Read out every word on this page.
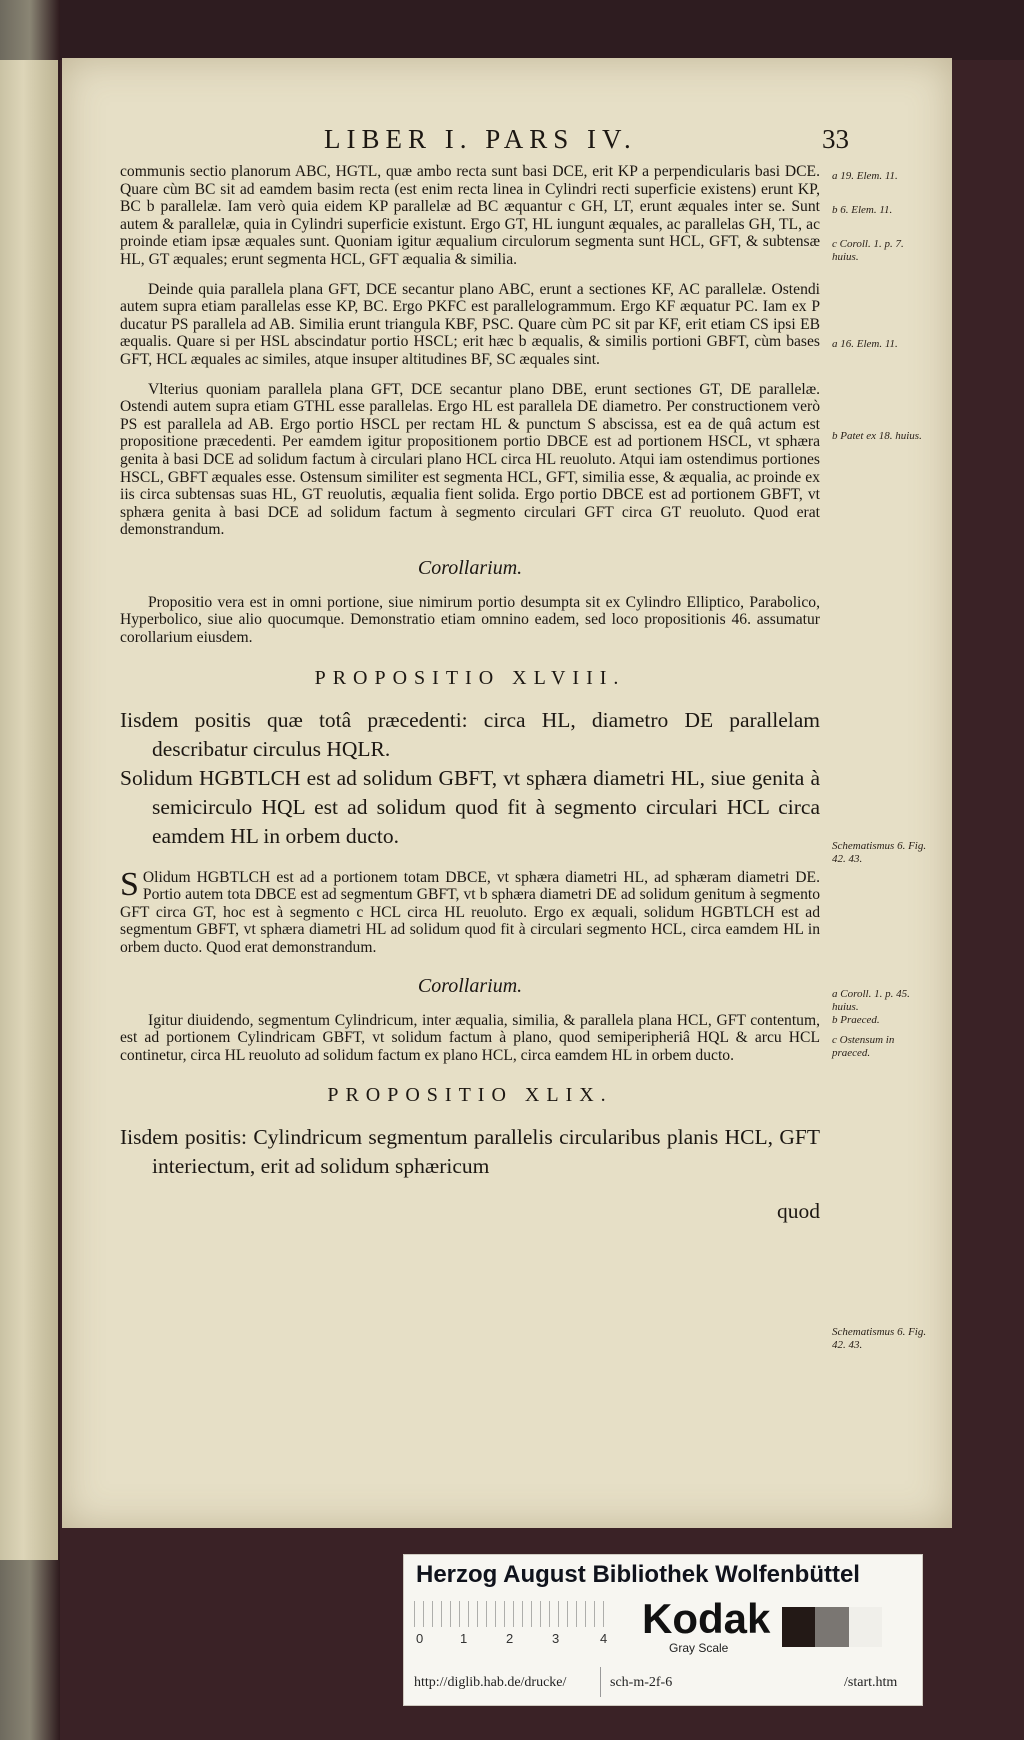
LIBER I. PARS IV.	33

communis sectio planorum ABC, HGTL, quæ ambo recta sunt basi DCE, erit KP a perpendicularis basi DCE. Quare cùm BC sit ad eamdem basim recta (est enim recta linea in Cylindri recti superficie existens) erunt KP, BC b parallelæ. Iam verò quia eidem KP parallelæ ad BC æquantur c GH, LT, erunt æquales inter se. Sunt autem & parallelæ, quia in Cylindri superficie existunt. Ergo GT, HL iungunt æquales, ac parallelas GH, TL, ac proinde etiam ipsæ æquales sunt. Quoniam igitur æqualium circulorum segmenta sunt HCL, GFT, & subtensæ HL, GT æquales; erunt segmenta HCL, GFT æqualia & similia.

Deinde quia parallela plana GFT, DCE secantur plano ABC, erunt a sectiones KF, AC parallelæ. Ostendi autem supra etiam parallelas esse KP, BC. Ergo PKFC est parallelogrammum. Ergo KF æquatur PC. Iam ex P ducatur PS parallela ad AB. Similia erunt triangula KBF, PSC. Quare cùm PC sit par KF, erit etiam CS ipsi EB æqualis. Quare si per HSL abscindatur portio HSCL; erit hæc b æqualis, & similis portioni GBFT, cùm bases GFT, HCL æquales ac similes, atque insuper altitudines BF, SC æquales sint.

Vlterius quoniam parallela plana GFT, DCE secantur plano DBE, erunt sectiones GT, DE parallelæ. Ostendi autem supra etiam GTHL esse parallelas. Ergo HL est parallela DE diametro. Per constructionem verò PS est parallela ad AB. Ergo portio HSCL per rectam HL & punctum S abscissa, est ea de quâ actum est propositione præcedenti. Per eamdem igitur propositionem portio DBCE est ad portionem HSCL, vt sphæra genita à basi DCE ad solidum factum à circulari plano HCL circa HL reuoluto. Atqui iam ostendimus portiones HSCL, GBFT æquales esse. Ostensum similiter est segmenta HCL, GFT, similia esse, & æqualia, ac proinde ex iis circa subtensas suas HL, GT reuolutis, æqualia fient solida. Ergo portio DBCE est ad portionem GBFT, vt sphæra genita à basi DCE ad solidum factum à segmento circulari GFT circa GT reuoluto. Quod erat demonstrandum.

Corollarium.

Propositio vera est in omni portione, siue nimirum portio desumpta sit ex Cylindro Elliptico, Parabolico, Hyperbolico, siue alio quocumque. Demonstratio etiam omnino eadem, sed loco propositionis 46. assumatur corollarium eiusdem.

PROPOSITIO XLVIII.
Iisdem positis quæ totâ præcedenti: circa HL, diametro DE parallelam describatur circulus HQLR.
Solidum HGBTLCH est ad solidum GBFT, vt sphæra diametri HL, siue genita à semicirculo HQL est ad solidum quod fit à segmento circulari HCL circa eamdem HL in orbem ducto.

S Olidum HGBTLCH est ad a portionem totam DBCE, vt sphæra diametri HL, ad sphæram diametri DE. Portio autem tota DBCE est ad segmentum GBFT, vt b sphæra diametri DE ad solidum genitum à segmento GFT circa GT, hoc est à segmento c HCL circa HL reuoluto. Ergo ex æquali, solidum HGBTLCH est ad segmentum GBFT, vt sphæra diametri HL ad solidum quod fit à circulari segmento HCL, circa eamdem HL in orbem ducto. Quod erat demonstrandum.

Corollarium.

Igitur diuidendo, segmentum Cylindricum, inter æqualia, similia, & parallela plana HCL, GFT contentum, est ad portionem Cylindricam GBFT, vt solidum factum à plano, quod semiperipheriâ HQL & arcu HCL continetur, circa HL reuoluto ad solidum factum ex plano HCL, circa eamdem HL in orbem ducto.

PROPOSITIO XLIX.
Iisdem positis: Cylindricum segmentum parallelis circularibus planis HCL, GFT interiectum, erit ad solidum sphæricum
quod
a 19. Elem. 11.
b 6. Elem. 11.
c Coroll. 1. p. 7. huius.
a 16. Elem. 11.
b Patet ex 18. huius.
Schematismus 6. Fig. 42. 43.
a Coroll. 1. p. 45. huius.
b Praeced.
c Ostensum in praeced.
Schematismus 6. Fig. 42. 43.
Herzog August Bibliothek Wolfenbüttel
0	1	2	3	4 Kodak
Gray Scale
http://diglib.hab.de/drucke/	sch-m-2f-6	/start.htm
